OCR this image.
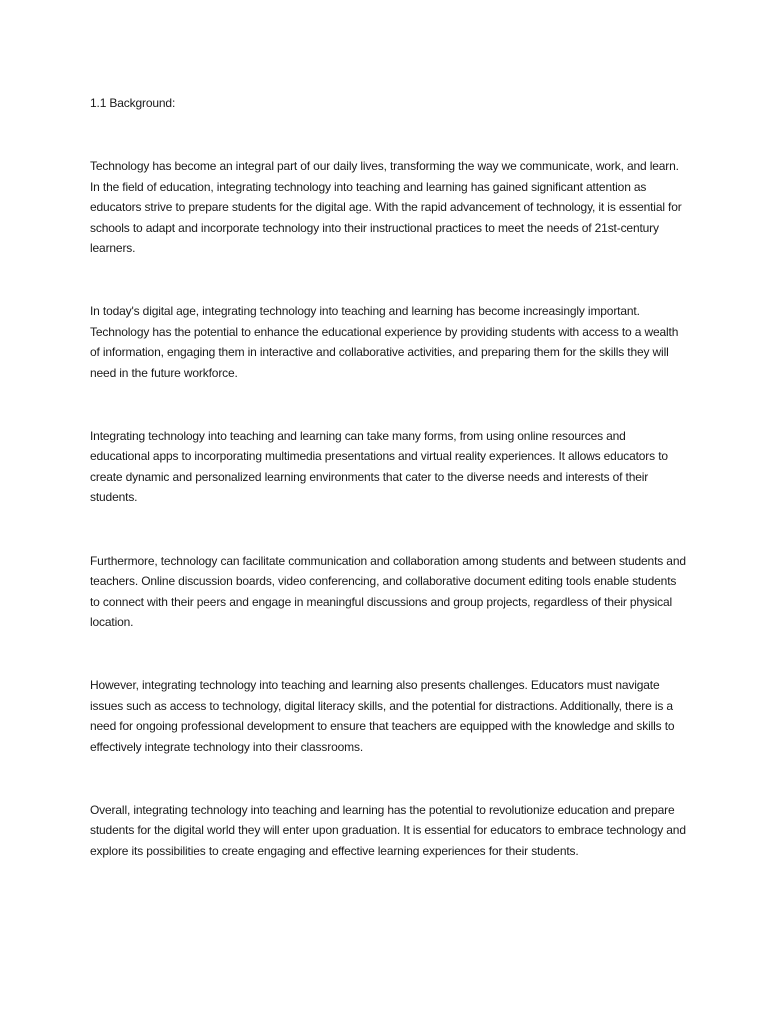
1.1 Background:

Technology has become an integral part of our daily lives, transforming the way we communicate, work, and learn. In the field of education, integrating technology into teaching and learning has gained significant attention as educators strive to prepare students for the digital age. With the rapid advancement of technology, it is essential for schools to adapt and incorporate technology into their instructional practices to meet the needs of 21st-century learners.

In today's digital age, integrating technology into teaching and learning has become increasingly important. Technology has the potential to enhance the educational experience by providing students with access to a wealth of information, engaging them in interactive and collaborative activities, and preparing them for the skills they will need in the future workforce.

Integrating technology into teaching and learning can take many forms, from using online resources and educational apps to incorporating multimedia presentations and virtual reality experiences. It allows educators to create dynamic and personalized learning environments that cater to the diverse needs and interests of their students.

Furthermore, technology can facilitate communication and collaboration among students and between students and teachers. Online discussion boards, video conferencing, and collaborative document editing tools enable students to connect with their peers and engage in meaningful discussions and group projects, regardless of their physical location.

However, integrating technology into teaching and learning also presents challenges. Educators must navigate issues such as access to technology, digital literacy skills, and the potential for distractions. Additionally, there is a need for ongoing professional development to ensure that teachers are equipped with the knowledge and skills to effectively integrate technology into their classrooms.

Overall, integrating technology into teaching and learning has the potential to revolutionize education and prepare students for the digital world they will enter upon graduation. It is essential for educators to embrace technology and explore its possibilities to create engaging and effective learning experiences for their students.
